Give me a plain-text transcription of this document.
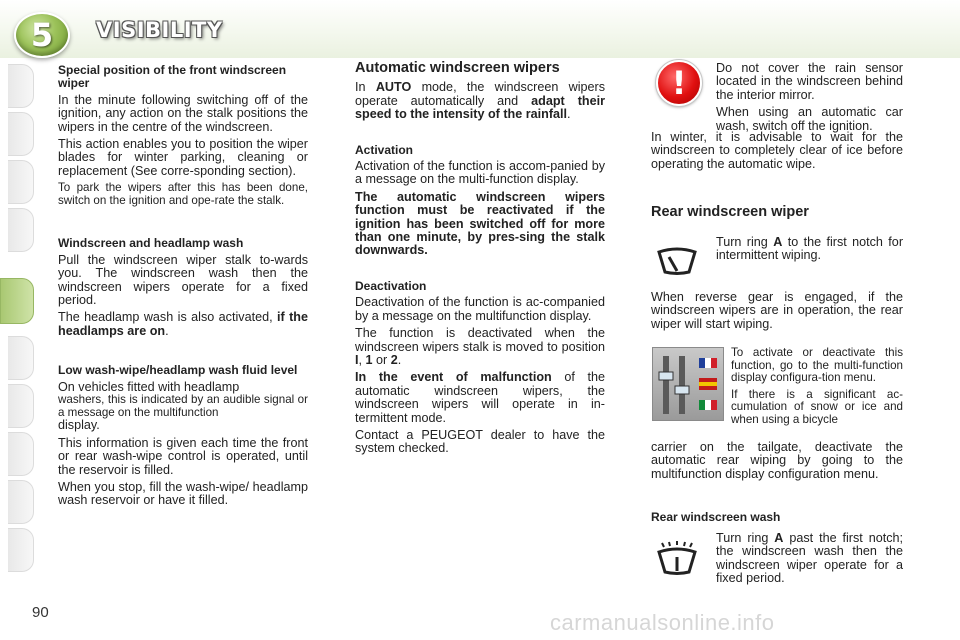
5 VISIBILITY
Special position of the front windscreen wiper

In the minute following switching off of the ignition, any action on the stalk positions the wipers in the centre of the windscreen.

This action enables you to position the wiper blades for winter parking, cleaning or replacement (See corre-sponding section).

To park the wipers after this has been done, switch on the ignition and ope-rate the stalk.

Windscreen and headlamp wash

Pull the windscreen wiper stalk to-wards you. The windscreen wash then the windscreen wipers operate for a fixed period.

The headlamp wash is also activated, if the headlamps are on.

Low wash-wipe/headlamp wash fluid level

On vehicles fitted with headlamp
washers, this is indicated by an audible signal or a message on the multifunction
display.

This information is given each time the front or rear wash-wipe control is operated, until the reservoir is filled.

When you stop, fill the wash-wipe/ headlamp wash reservoir or have it filled.

Automatic windscreen wipers

In AUTO mode, the windscreen wipers operate automatically and adapt their speed to the intensity of the rainfall.

Activation

Activation of the function is accom-panied by a message on the multi-function display.

The automatic windscreen wipers function must be reactivated if the ignition has been switched off for more than one minute, by pres-sing the stalk downwards.

Deactivation

Deactivation of the function is ac-companied by a message on the multifunction display.

The function is deactivated when the windscreen wipers stalk is moved to position I, 1 or 2.

In the event of malfunction of the automatic windscreen wipers, the windscreen wipers will operate in in-termittent mode.

Contact a PEUGEOT dealer to have the system checked.

! Do not cover the rain sensor located in the windscreen behind the interior mirror.

When using an automatic car wash, switch off the ignition.

In winter, it is advisable to wait for the windscreen to completely clear of ice before operating the automatic wipe.

Rear windscreen wiper

Turn ring A to the first notch for intermittent wiping.

When reverse gear is engaged, if the windscreen wipers are in operation, the rear wiper will start wiping.

To activate or deactivate this function, go to the multi-function display configura-tion menu.

If there is a significant ac-cumulation of snow or ice and when using a bicycle

carrier on the tailgate, deactivate the automatic rear wiping by going to the multifunction display configuration menu.

Rear windscreen wash

Turn ring A past the first notch; the windscreen wash then the windscreen wiper operate for a fixed period.

90	carmanualsonline.info
